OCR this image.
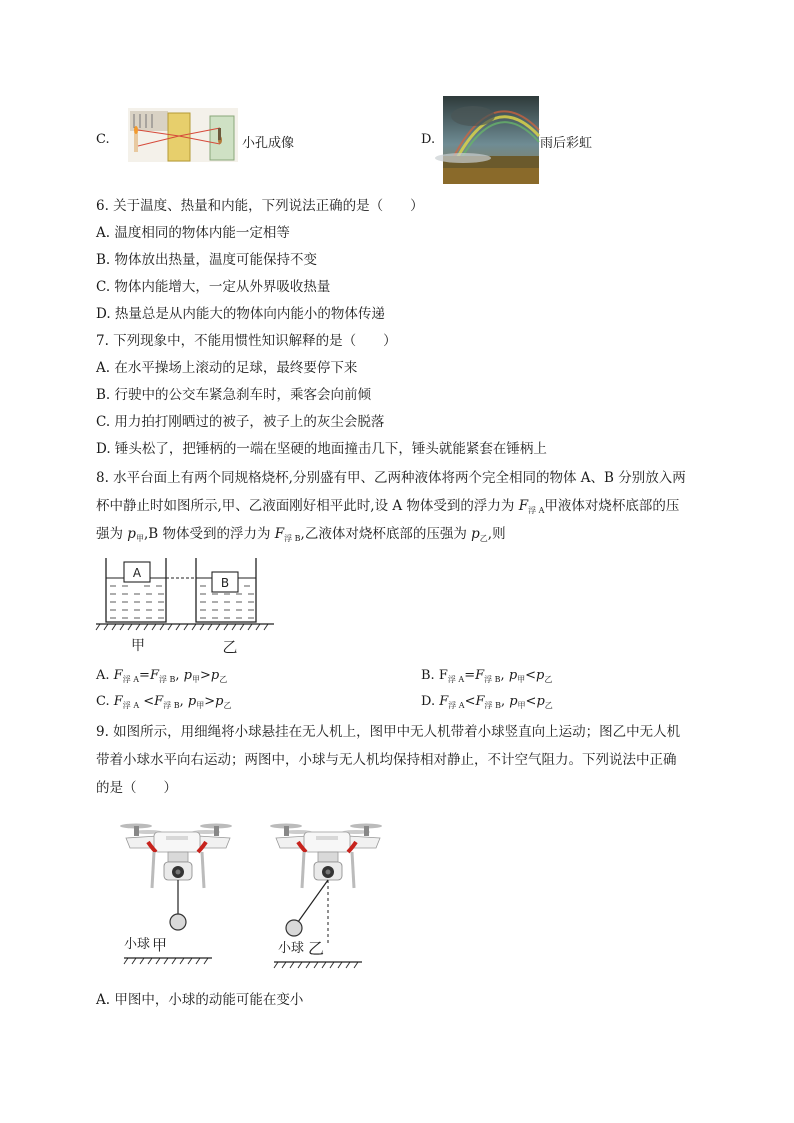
C.	小孔成像	D.	雨后彩虹
6. 关于温度、热量和内能，下列说法正确的是（　　）
A. 温度相同的物体内能一定相等
B. 物体放出热量，温度可能保持不变
C. 物体内能增大，一定从外界吸收热量
D. 热量总是从内能大的物体向内能小的物体传递
7. 下列现象中，不能用惯性知识解释的是（　　）
A. 在水平操场上滚动的足球，最终要停下来
B. 行驶中的公交车紧急刹车时，乘客会向前倾
C. 用力拍打刚晒过的被子，被子上的灰尘会脱落
D. 锤头松了，把锤柄的一端在坚硬的地面撞击几下，锤头就能紧套在锤柄上
8. 水平台面上有两个同规格烧杯,分别盛有甲、乙两种液体将两个完全相同的物体 A、B 分别放入两
杯中静止时如图所示,甲、乙液面刚好相平此时,设 A 物体受到的浮力为 $F_{浮 A}$甲液体对烧杯底部的压
强为 $p_甲,B$ 物体受到的浮力为 $F_{浮 B}$,乙液体对烧杯底部的压强为 $p_乙$,则
A
B
甲	乙
A. $F_{浮 A}=F_{浮 B}$, $p_甲>p_乙$	B. $F_{浮 A}=F_{浮 B}$, $p_甲<p_乙$
C. $F_{浮 A} <F_{浮 B}$, $p_甲>p_乙$	D. $F_{浮 A}<F_{浮 B}$, $p_甲<p_乙$
9. 如图所示，用细绳将小球悬挂在无人机上，图甲中无人机带着小球竖直向上运动；图乙中无人机
带着小球水平向右运动；两图中，小球与无人机均保持相对静止，不计空气阻力。下列说法中正确
的是（　　）
小球 甲	小球 乙
A. 甲图中，小球的动能可能在变小
